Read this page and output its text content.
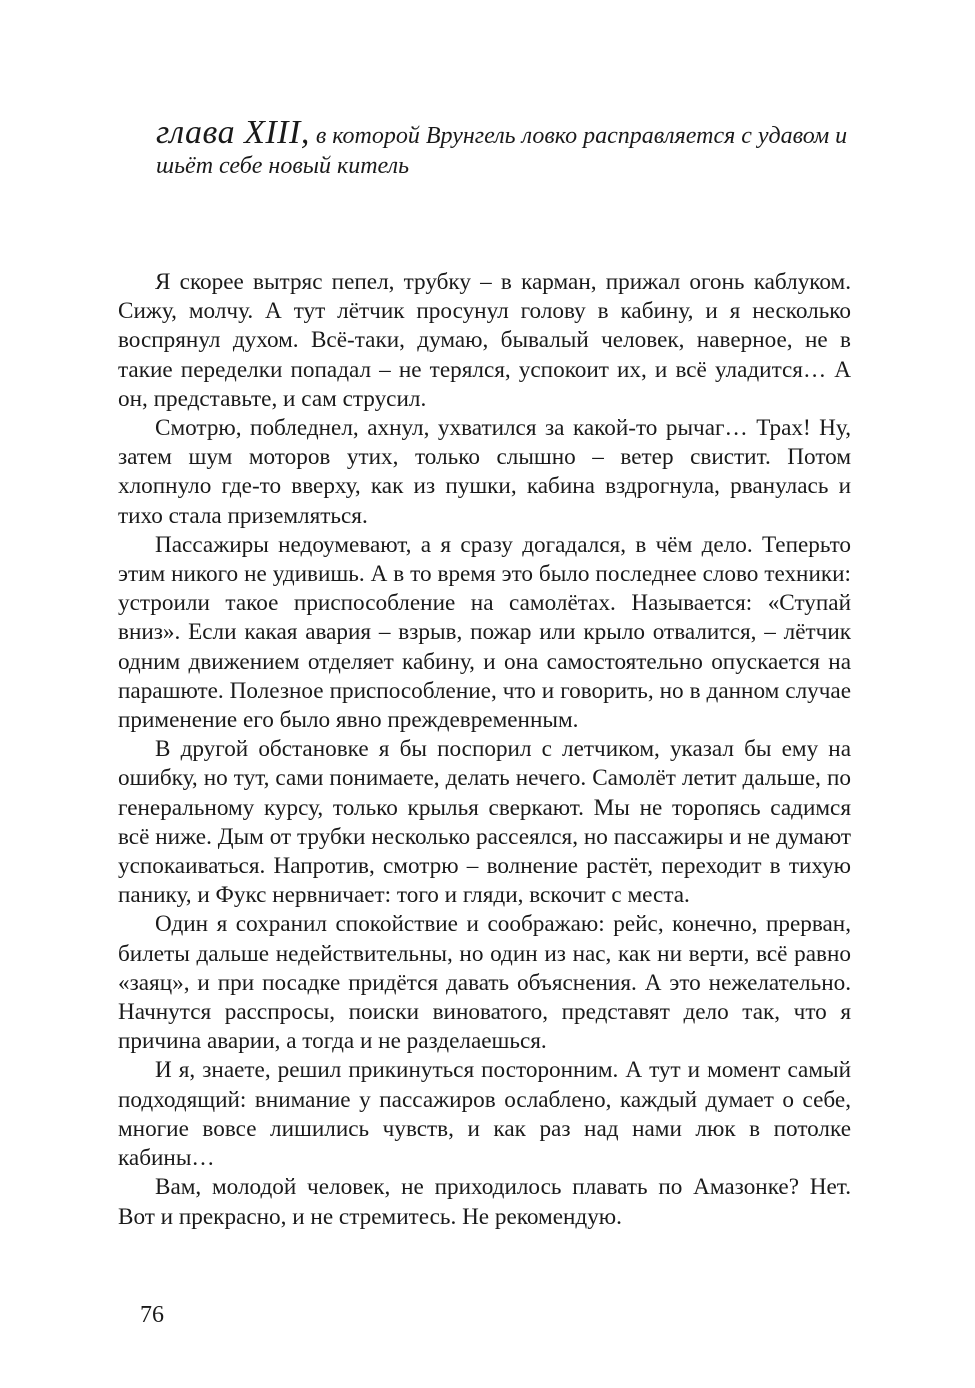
глава XIII, в которой Врунгель ловко расправляется с удавом и шьёт себе новый китель

Я скорее вытряс пепел, трубку – в карман, прижал огонь каблуком. Сижу, молчу. А тут лётчик просунул голову в кабину, и я несколько воспрянул духом. Всё-таки, думаю, бывалый человек, наверное, не в такие переделки попадал – не терялся, успокоит их, и всё уладится… А он, представьте, и сам струсил.

Смотрю, побледнел, ахнул, ухватился за какой-то рычаг… Трах! Ну, затем шум моторов утих, только слышно – ветер свистит. Потом хлопнуло где-то вверху, как из пушки, кабина вздрогнула, рванулась и тихо стала приземляться.

Пассажиры недоумевают, а я сразу догадался, в чём дело. Теперьто этим никого не удивишь. А в то время это было последнее слово техники: устроили такое приспособление на самолётах. Называется: «Ступай вниз». Если какая авария – взрыв, пожар или крыло отвалится, – лётчик одним движением отделяет кабину, и она самостоятельно опускается на парашюте. Полезное приспособление, что и говорить, но в данном случае применение его было явно преждевременным.

В другой обстановке я бы поспорил с летчиком, указал бы ему на ошибку, но тут, сами понимаете, делать нечего. Самолёт летит дальше, по генеральному курсу, только крылья сверкают. Мы не торопясь садимся всё ниже. Дым от трубки несколько рассеялся, но пассажиры и не думают успокаиваться. Напротив, смотрю – волнение растёт, переходит в тихую панику, и Фукс нервничает: того и гляди, вскочит с места.

Один я сохранил спокойствие и соображаю: рейс, конечно, прерван, билеты дальше недействительны, но один из нас, как ни верти, всё равно «заяц», и при посадке придётся давать объяснения. А это нежелательно. Начнутся расспросы, поиски виноватого, представят дело так, что я причина аварии, а тогда и не разделаешься.

И я, знаете, решил прикинуться посторонним. А тут и момент самый подходящий: внимание у пассажиров ослаблено, каждый думает о себе, многие вовсе лишились чувств, и как раз над нами люк в потолке кабины…

Вам, молодой человек, не приходилось плавать по Амазонке? Нет. Вот и прекрасно, и не стремитесь. Не рекомендую.

76
